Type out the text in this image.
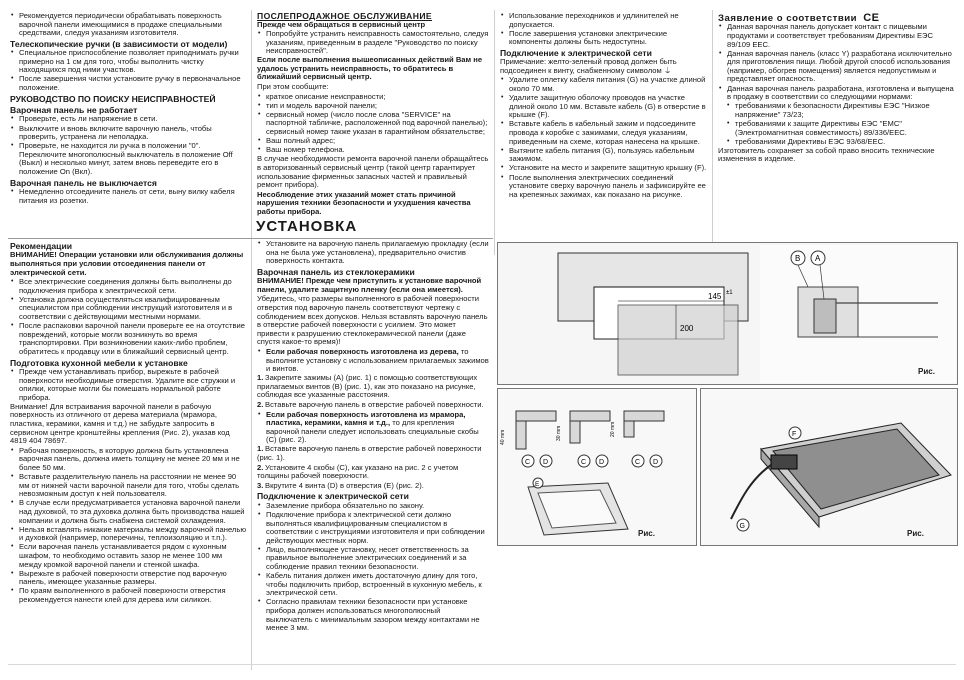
• Рекомендуется периодически обрабатывать поверхность варочной панели имеющимися в продаже специальными средствами, следуя указаниям изготовителя.
Телескопические ручки (в зависимости от модели)
• Специальное приспособление позволяет приподнимать ручки примерно на 1 см для того, чтобы выполнить чистку находящихся под ними участков.
• После завершения чистки установите ручку в первоначальное положение.
РУКОВОДСТВО ПО ПОИСКУ НЕИСПРАВНОСТЕЙ
Варочная панель не работает
• Проверьте, есть ли напряжение в сети.
• Выключите и вновь включите варочную панель, чтобы проверить, устранена ли неполадка.
• Проверьте, не находится ли ручка в положении "0". Переключите многополюсный выключатель в положение Off (Выкл) и несколько минут, затем вновь переведите его в положение On (Вкл).
Варочная панель не выключается
• Немедленно отсоедините панель от сети, выну вилку кабеля питания из розетки.
ПОСЛЕПРОДАЖНОЕ ОБСЛУЖИВАНИЕ
Прежде чем обращаться в сервисный центр
• Попробуйте устранить неисправность самостоятельно, следуя указаниям, приведенным в разделе "Руководство по поиску неисправностей".

Если после выполнения вышеописанных действий Вам не удалось устранить неисправность, то обратитесь в ближайший сервисный центр.

При этом сообщите:

• краткое описание неисправности;
• тип и модель варочной панели;
• сервисный номер (число после слова "SERVICE" на паспортной табличке, расположенной под варочной панелью); сервисный номер также указан в гарантийном обязательстве;
• Ваш полный адрес;
• Ваш номер телефона.

В случае необходимости ремонта варочной панели обращайтесь в авторизованный сервисный центр (такой центр гарантирует использование фирменных запасных частей и правильный ремонт прибора).

Несоблюдение этих указаний может стать причиной нарушения техники безопасности и ухудшения качества работы прибора.

• Использование переходников и удлинителей не допускается.
• После завершения установки электрические компоненты должны быть недоступны.
Подключение к электрической сети

Примечание: желто-зеленый провод должен быть подсоединен к винту, снабженному символом ⏚

• Удалите оплетку кабеля питания (G) на участке длиной около 70 мм.
• Удалите защитную оболочку проводов на участке длиной около 10 мм. Вставьте кабель (G) в отверстие в крышке (F).
• Вставьте кабель в кабельный зажим и подсоедините провода к коробке с зажимами, следуя указаниям, приведенным на схеме, которая нанесена на крышке.
• Вытяните кабель питания (G), пользуясь кабельным зажимом.
• Установите на место и закрепите защитную крышку (F).
• После выполнения электрических соединений установите сверху варочную панель и зафиксируйте ее на крепежных зажимах, как показано на рисунке.
Заявление о соответствии CE
• Данная варочная панель допускает контакт с пищевыми продуктами и соответствует требованиям Директивы ЕЭС 89/109 ЕЕС.
• Данная варочная панель (класс Y) разработана исключительно для приготовления пищи. Любой другой способ использования (например, обогрев помещения) является недопустимым и представляет опасность.
• Данная варочная панель разработана, изготовлена и выпущена в продажу в соответствии со следующими нормами:
• требованиями к безопасности Директивы ЕЭС "Низкое напряжение" 73/23;
• требованиями к защите Директивы ЕЭС "ЕМС" (Электромагнитная совместимость) 89/336/ЕЕС.
• требованиями Директивы ЕЭС 93/68/ЕЕС.

Изготовитель сохраняет за собой право вносить технические изменения в изделие.

УСТАНОВКА
Рекомендации

ВНИМАНИЕ! Операции установки или обслуживания должны выполняться при условии отсоединения панели от электрической сети.

• Все электрические соединения должны быть выполнены до подключения прибора к электрической сети.
• Установка должна осуществляться квалифицированным специалистом при соблюдении инструкций изготовителя и в соответствии с действующими местными нормами.
• После распаковки варочной панели проверьте ее на отсутствие повреждений, которые могли возникнуть во время транспортировки. При возникновении каких-либо проблем, обратитесь к продавцу или в ближайший сервисный центр.
Подготовка кухонной мебели к установке
• Прежде чем устанавливать прибор, вырежьте в рабочей поверхности необходимые отверстия. Удалите все стружки и опилки, которые могли бы помешать нормальной работе прибора.

Внимание! Для встраивания варочной панели в рабочую поверхность из отличного от дерева материала (мрамора, пластика, керамики, камня и т.д.) не забудьте запросить в сервисном центре кронштейны крепления (Рис. 2), указав код 4819 404 78697.

• Рабочая поверхность, в которую должна быть установлена варочная панель, должна иметь толщину не менее 20 мм и не более 50 мм.
• Вставьте разделительную панель на расстоянии не менее 90 мм от нижней части варочной панели для того, чтобы сделать невозможным доступ к ней пользователя.
• В случае если предусматривается установка варочной панели над духовкой, то эта духовка должна быть производства нашей компании и должна быть снабжена системой охлаждения.
• Нельзя вставлять никакие материалы между варочной панелью и духовкой (например, поперечины, теплоизоляцию и т.п.).
• Если варочная панель устанавливается рядом с кухонным шкафом, то необходимо оставить зазор не менее 100 мм между кромкой варочной панели и стенкой шкафа.
• Вырежьте в рабочей поверхности отверстие под варочную панель, имеющее указанные размеры.
• По краям выполненного в рабочей поверхности отверстия рекомендуется нанести клей для дерева или силикон.
• Установите на варочную панель прилагаемую прокладку (если она не была уже установлена), предварительно очистив поверхность контакта.
Варочная панель из стеклокерамики

ВНИМАНИЕ! Прежде чем приступить к установке варочной панели, удалите защитную пленку (если она имеется).

Убедитесь, что размеры выполненного в рабочей поверхности отверстия под варочную панель соответствуют чертежу с соблюдением всех допусков. Нельзя вставлять варочную панель в отверстие рабочей поверхности с усилием. Это может привести к разрушению стеклокерамической панели (даже спустя какое-то время)!

• Если рабочая поверхность изготовлена из дерева, то выполните установку с использованием прилагаемых зажимов и винтов.

1. Закрепите зажимы (A) (рис. 1) с помощью соответствующих прилагаемых винтов (B) (рис. 1), как это показано на рисунке, соблюдая все указанные расстояния.

2. Вставьте варочную панель в отверстие рабочей поверхности.

• Если рабочая поверхность изготовлена из мрамора, пластика, керамики, камня и т.д., то для крепления варочной панели следует использовать специальные скобы (C) (рис. 2).

1. Вставьте варочную панель в отверстие рабочей поверхности (рис. 1).

2. Установите 4 скобы (C), как указано на рис. 2 с учетом толщины рабочей поверхности.

3. Вкрутите 4 винта (D) в отверстия (E) (рис. 2).

Подключение к электрической сети
• Заземление прибора обязательно по закону.
• Подключение прибора к электрической сети должно выполняться квалифицированным специалистом в соответствии с инструкциями изготовителя и при соблюдении действующих местных норм.
• Лицо, выполняющее установку, несет ответственность за правильное выполнение электрических соединений и за соблюдение правил техники безопасности.
• Кабель питания должен иметь достаточную длину для того, чтобы подключить прибор, встроенный в кухонную мебель, к электрической сети.
• Согласно правилам техники безопасности при установке прибора должен использоваться многополюсный выключатель с минимальным зазором между контактами не менее 3 мм.
145 ±1
200
B A
Рис.
40 mm	30 mm	20 mm
C D	C D	C D
E
Рис.
F
G
Рис.
